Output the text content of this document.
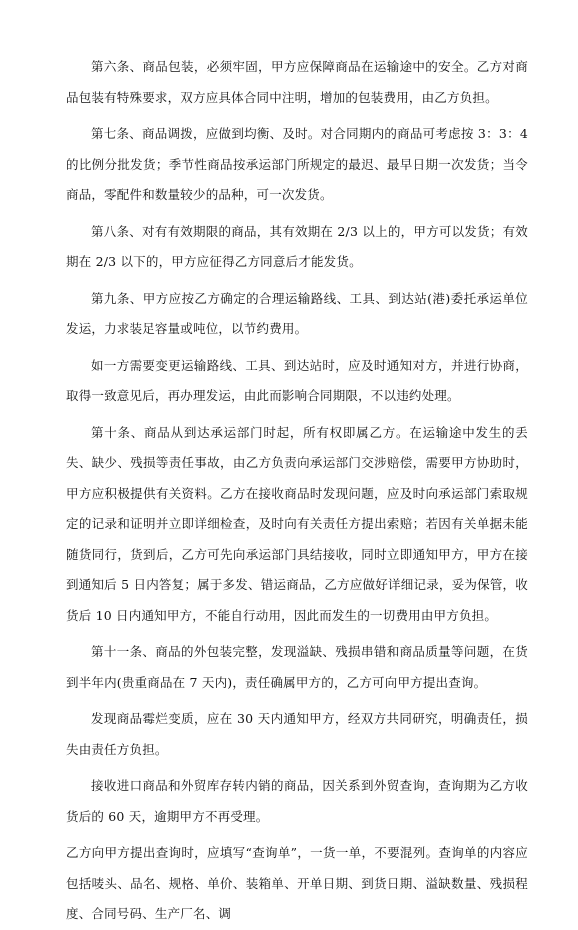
第六条、商品包装，必须牢固，甲方应保障商品在运输途中的安全。乙方对商品包装有特殊要求，双方应具体合同中注明，增加的包装费用，由乙方负担。

第七条、商品调拨，应做到均衡、及时。对合同期内的商品可考虑按 3：3：4 的比例分批发货；季节性商品按承运部门所规定的最迟、最早日期一次发货；当令商品，零配件和数量较少的品种，可一次发货。

第八条、对有有效期限的商品，其有效期在 2/3 以上的，甲方可以发货；有效期在 2/3 以下的，甲方应征得乙方同意后才能发货。

第九条、甲方应按乙方确定的合理运输路线、工具、到达站(港)委托承运单位发运，力求装足容量或吨位，以节约费用。

如一方需要变更运输路线、工具、到达站时，应及时通知对方，并进行协商，取得一致意见后，再办理发运，由此而影响合同期限，不以违约处理。

第十条、商品从到达承运部门时起，所有权即属乙方。在运输途中发生的丢失、缺少、残损等责任事故，由乙方负责向承运部门交涉赔偿，需要甲方协助时，甲方应积极提供有关资料。乙方在接收商品时发现问题，应及时向承运部门索取规定的记录和证明并立即详细检查，及时向有关责任方提出索赔；若因有关单据未能随货同行，货到后，乙方可先向承运部门具结接收，同时立即通知甲方，甲方在接到通知后 5 日内答复；属于多发、错运商品，乙方应做好详细记录，妥为保管，收货后 10 日内通知甲方，不能自行动用，因此而发生的一切费用由甲方负担。

第十一条、商品的外包装完整，发现溢缺、残损串错和商品质量等问题，在货到半年内(贵重商品在 7 天内)，责任确属甲方的，乙方可向甲方提出查询。

发现商品霉烂变质，应在 30 天内通知甲方，经双方共同研究，明确责任，损失由责任方负担。

接收进口商品和外贸库存转内销的商品，因关系到外贸查询，查询期为乙方收货后的 60 天，逾期甲方不再受理。

乙方向甲方提出查询时，应填写“查询单”，一货一单，不要混列。查询单的内容应包括唛头、品名、规格、单价、装箱单、开单日期、到货日期、溢缺数量、残损程度、合同号码、生产厂名、调
